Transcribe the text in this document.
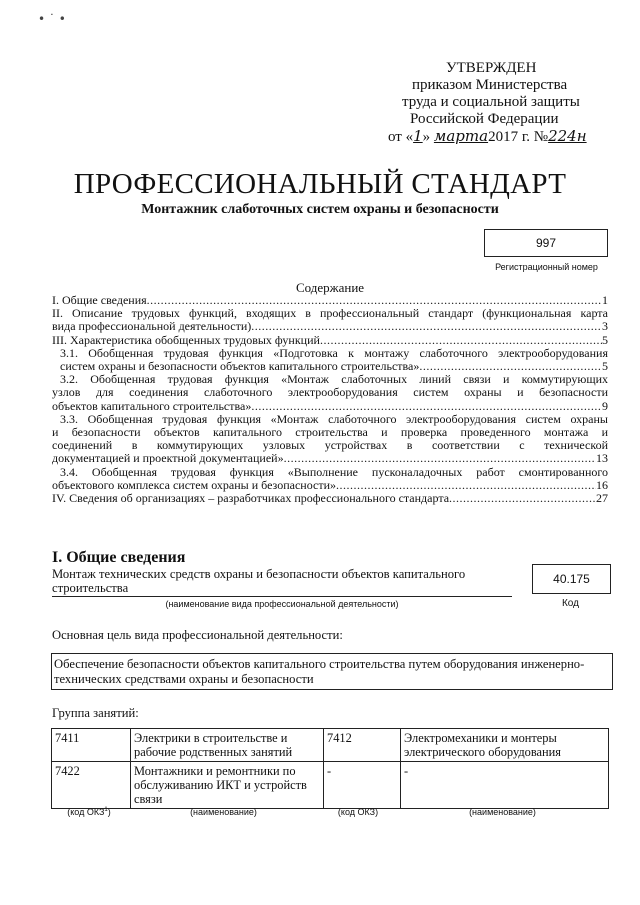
• ˙ •
УТВЕРЖДЕН
приказом Министерства
труда и социальной защиты
Российской Федерации
от «1» марта2017 г. №224н
ПРОФЕССИОНАЛЬНЫЙ СТАНДАРТ
Монтажник слаботочных систем охраны и безопасности
997
Регистрационный номер
Содержание
I. Общие сведения .....	1
II. Описание трудовых функций, входящих в профессиональный стандарт (функциональная карта
вида профессиональной деятельности) .....	3
III. Характеристика обобщенных трудовых функций .....	5
3.1. Обобщенная трудовая функция «Подготовка к монтажу слаботочного электрооборудования
систем охраны и безопасности объектов капитального строительства» .....	5
3.2. Обобщенная трудовая функция «Монтаж слаботочных линий связи и коммутирующих
узлов для соединения слаботочного электрооборудования систем охраны и безопасности
объектов капитального строительства» .....	9
3.3. Обобщенная трудовая функция «Монтаж слаботочного электрооборудования систем охраны
и безопасности объектов капитального строительства и проверка проведенного монтажа и
соединений в коммутирующих узловых устройствах в соответствии с технической
документацией и проектной документацией» .....	13
3.4. Обобщенная трудовая функция «Выполнение пусконаладочных работ смонтированного
объектового комплекса систем охраны и безопасности» .....	16
IV. Сведения об организациях – разработчиках профессионального стандарта .....	27
I. Общие сведения
Монтаж технических средств охраны и безопасности объектов капитального строительства
(наименование вида профессиональной деятельности)
40.175
Код
Основная цель вида профессиональной деятельности:
Обеспечение безопасности объектов капитального строительства путем оборудования инженерно-технических средствами охраны и безопасности
Группа занятий:
7411	Электрики в строительстве и рабочие родственных занятий	7412	Электромеханики и монтеры электрического оборудования
7422	Монтажники и ремонтники по обслуживанию ИКТ и устройств связи	-	-
(код ОКЗ$^1$)	(наименование)	(код ОКЗ)	(наименование)
